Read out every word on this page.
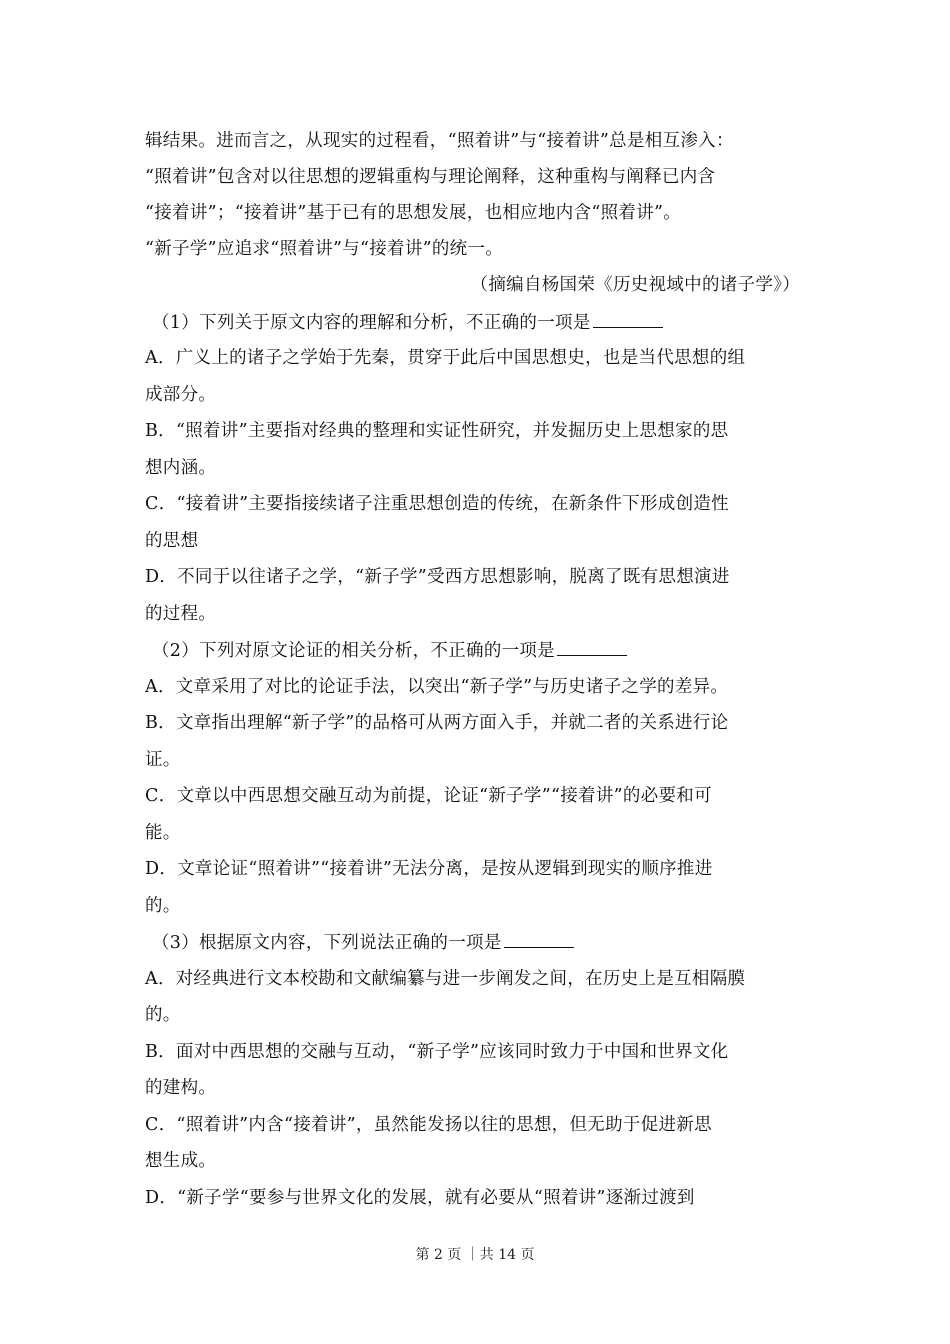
辑结果。进而言之，从现实的过程看，“照着讲”与“接着讲”总是相互渗入：
“照着讲”包含对以往思想的逻辑重构与理论阐释，这种重构与阐释已内含
“接着讲”；“接着讲”基于已有的思想发展，也相应地内含“照着讲”。
“新子学”应追求“照着讲”与“接着讲”的统一。
（摘编自杨国荣《历史视域中的诸子学》）
（1）下列关于原文内容的理解和分析，不正确的一项是
A．广义上的诸子之学始于先秦，贯穿于此后中国思想史，也是当代思想的组
成部分。
B．“照着讲”主要指对经典的整理和实证性研究，并发掘历史上思想家的思
想内涵。
C．“接着讲”主要指接续诸子注重思想创造的传统，在新条件下形成创造性
的思想
D．不同于以往诸子之学，“新子学”受西方思想影响，脱离了既有思想演进
的过程。
（2）下列对原文论证的相关分析，不正确的一项是
A．文章采用了对比的论证手法，以突出“新子学”与历史诸子之学的差异。
B．文章指出理解“新子学”的品格可从两方面入手，并就二者的关系进行论
证。
C．文章以中西思想交融互动为前提，论证“新子学”“接着讲”的必要和可
能。
D．文章论证“照着讲”“接着讲”无法分离，是按从逻辑到现实的顺序推进
的。
（3）根据原文内容，下列说法正确的一项是
A．对经典进行文本校勘和文献编纂与进一步阐发之间，在历史上是互相隔膜
的。
B．面对中西思想的交融与互动，“新子学”应该同时致力于中国和世界文化
的建构。
C．“照着讲”内含“接着讲”，虽然能发扬以往的思想，但无助于促进新思
想生成。
D．“新子学“要参与世界文化的发展，就有必要从“照着讲”逐渐过渡到
第 2 页 ｜共 14 页
